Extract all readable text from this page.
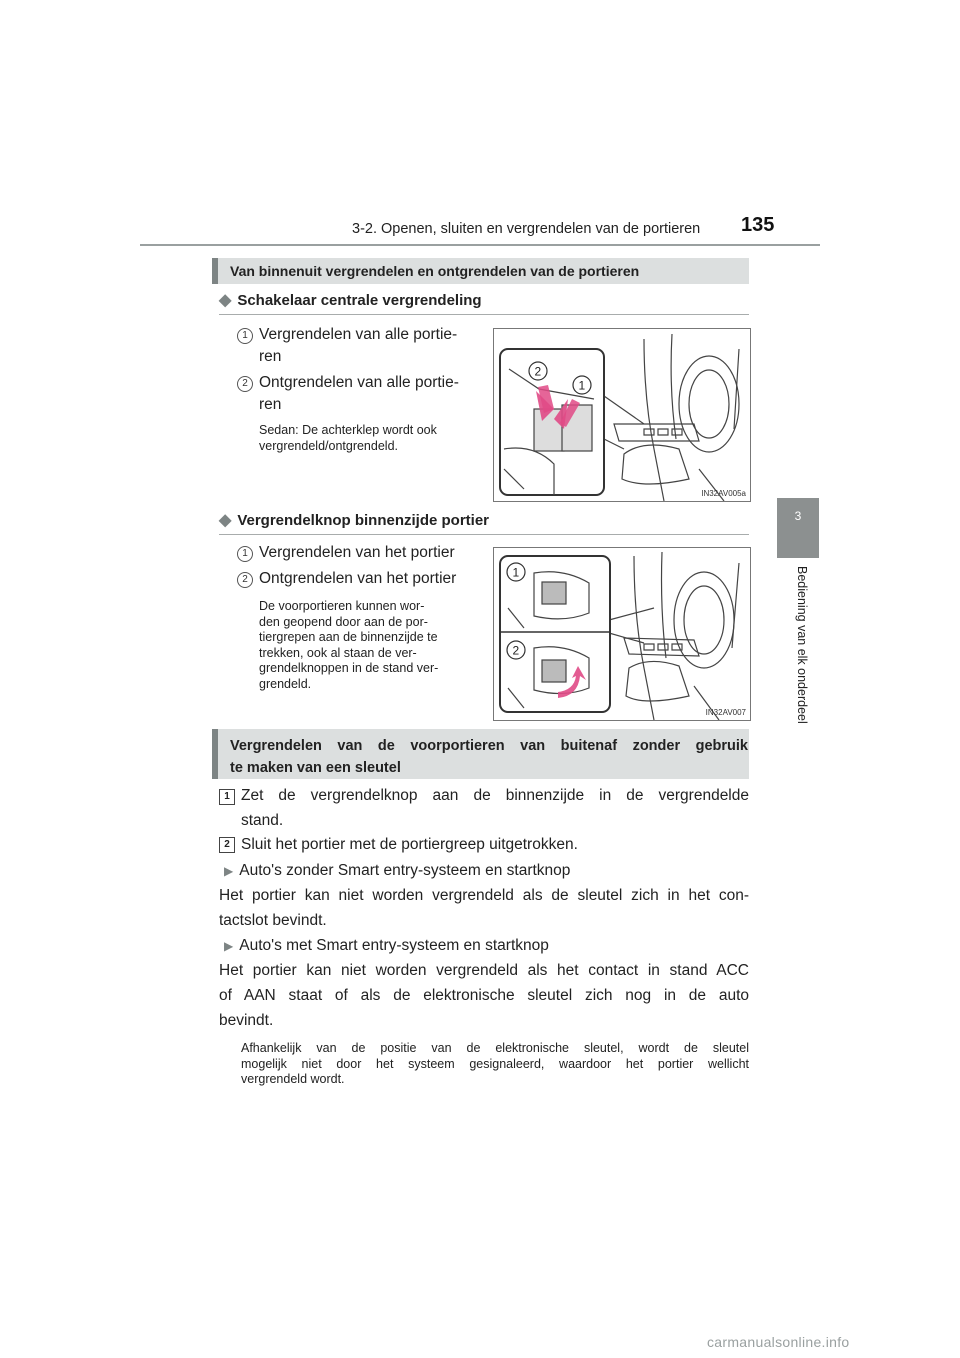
3-2. Openen, sluiten en vergrendelen van de portieren 135
3
Bediening van elk onderdeel
Van binnenuit vergrendelen en ontgrendelen van de portieren
◆ Schakelaar centrale vergrendeling
1 Vergrendelen van alle portie-
ren
2 Ontgrendelen van alle portie-
ren
Sedan: De achterklep wordt ook
vergrendeld/ontgrendeld.
2
1
IN32AV005a
◆ Vergrendelknop binnenzijde portier
1 Vergrendelen van het portier
2 Ontgrendelen van het portier
De voorportieren kunnen wor-
den geopend door aan de por-
tiergrepen aan de binnenzijde te
trekken, ook al staan de ver-
grendelknoppen in de stand ver-
grendeld.
1
2
IN32AV007
Vergrendelen van de voorportieren van buitenaf zonder gebruik
te maken van een sleutel
1 Zet de vergrendelknop aan de binnenzijde in de vergrendelde
stand.
2 Sluit het portier met de portiergreep uitgetrokken.
▶ Auto's zonder Smart entry-systeem en startknop
Het portier kan niet worden vergrendeld als de sleutel zich in het con-
tactslot bevindt.
▶ Auto's met Smart entry-systeem en startknop
Het portier kan niet worden vergrendeld als het contact in stand ACC
of AAN staat of als de elektronische sleutel zich nog in de auto
bevindt.
Afhankelijk van de positie van de elektronische sleutel, wordt de sleutel
mogelijk niet door het systeem gesignaleerd, waardoor het portier wellicht
vergrendeld wordt.
carmanualsonline.info
